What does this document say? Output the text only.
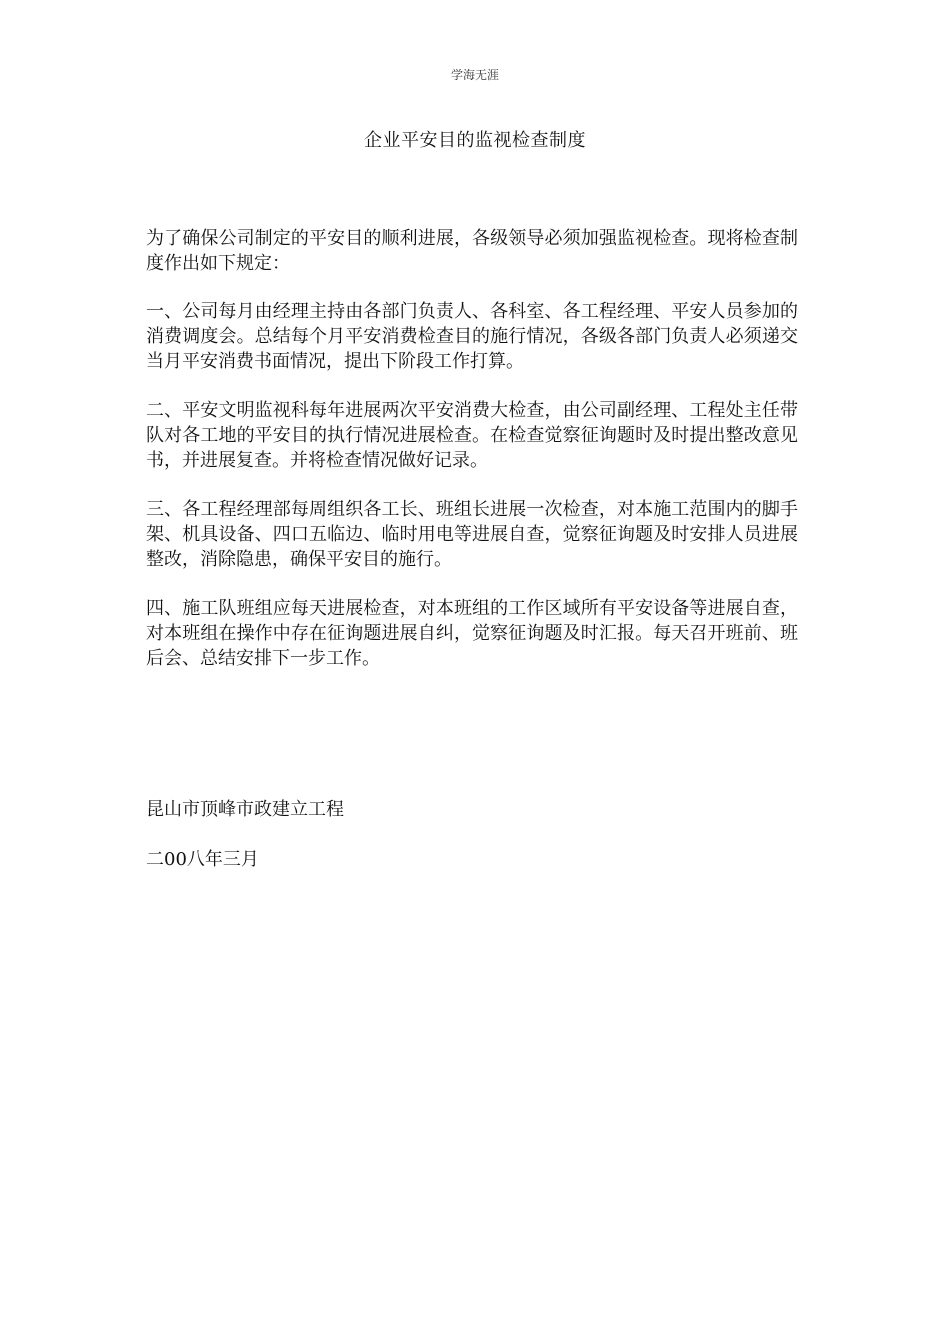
学海无涯
企业平安目的监视检查制度

为了确保公司制定的平安目的顺利进展，各级领导必须加强监视检查。现将检查制度作出如下规定：

一、公司每月由经理主持由各部门负责人、各科室、各工程经理、平安人员参加的消费调度会。总结每个月平安消费检查目的施行情况，各级各部门负责人必须递交当月平安消费书面情况，提出下阶段工作打算。

二、平安文明监视科每年进展两次平安消费大检查，由公司副经理、工程处主任带队对各工地的平安目的执行情况进展检查。在检查觉察征询题时及时提出整改意见书，并进展复查。并将检查情况做好记录。

三、各工程经理部每周组织各工长、班组长进展一次检查，对本施工范围内的脚手架、机具设备、四口五临边、临时用电等进展自查，觉察征询题及时安排人员进展整改，消除隐患，确保平安目的施行。

四、施工队班组应每天进展检查，对本班组的工作区域所有平安设备等进展自查，对本班组在操作中存在征询题进展自纠，觉察征询题及时汇报。每天召开班前、班后会、总结安排下一步工作。

昆山市顶峰市政建立工程

二00八年三月
